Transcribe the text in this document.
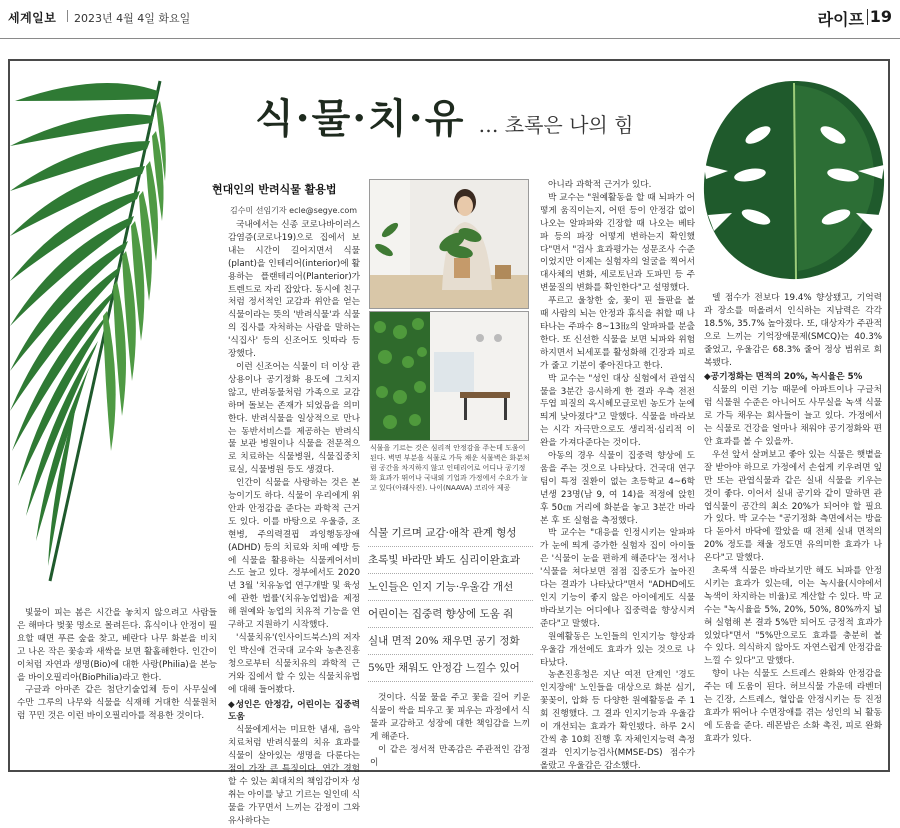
세계일보 2023년 4월 4일 화요일	라이프 19
식·물·치·유 … 초록은 나의 힘
현대인의 반려식물 활용법
김수미 선임기자 ecle@segye.com

국내에서는 신종 코로나바이러스 감염증(코로나19)으로 집에서 보내는 시간이 길어지면서 식물(plant)을 인테리어(interior)에 활용하는 플랜테리어(Planterior)가 트렌드로 자리 잡았다. 동시에 친구처럼 정서적인 교감과 위안을 얻는 식물이라는 뜻의 '반려식물'과 식물의 집사를 자처하는 사람을 말하는 '식집사' 등의 신조어도 잇따라 등장했다.

이런 신조어는 식물이 더 이상 관상용이나 공기정화 용도에 그치지 않고, 반려동물처럼 가족으로 교감하며 돌보는 존재가 되었음을 의미한다. 반려식물을 일상적으로 만나는 동반서비스를 제공하는 반려식물 보관 병원이나 식물을 전문적으로 치료하는 식물병원, 식물집중치료실, 식물병원 등도 생겼다.

인간이 식물을 사랑하는 것은 본능이기도 하다. 식물이 우리에게 위안과 안정감을 준다는 과학적 근거도 있다. 이를 바탕으로 우울증, 조현병, 주의력결핍 과잉행동장애(ADHD) 등의 치료와 치매 예방 등에 식물을 활용하는 식물케어서비스도 늘고 있다. 정부에서도 2020년 3월 '치유농업 연구개발 및 육성에 관한 법률'(치유농업법)을 제정해 원예와 농업의 치유적 기능을 연구하고 지원하기 시작했다.

'식물치유'(인사이드북스)의 저자인 박신애 건국대 교수와 농촌진흥청으로부터 식물치유의 과학적 근거와 집에서 할 수 있는 식물치유법에 대해 들어봤다.

◆성인은 안정감, 어린이는 집중력 도움

식물에게서는 미묘한 냄새, 음악치료처럼 반려식물의 치유 효과를 식물이 살아있는 생명을 다룬다는 점이 가장 큰 특징이다. 연간 경험할 수 있는 최대치의 책임감이자 성취는 아이를 낳고 기르는 일인데 식물을 가꾸면서 느끼는 감정이 그와 유사하다는

빛물이 피는 봄은 시간을 놓치지 않으려고 사람들은 해마다 벚꽃 명소로 몰려든다. 휴식이나 안정이 필요할 때면 푸른 숲을 찾고, 베란다 나무 화분을 비치고 나온 작은 꽃송과 새싹을 보면 활홀해한다. 인간이 이처럼 자연과 생명(Bio)에 대한 사랑(Philia)을 본능을 바이오필리아(BioPhilia)라고 한다.

구글과 아마존 같은 첨단기술업체 등이 사무실에 수만 그루의 나무와 식물을 식재해 거대한 식물원처럼 꾸민 것은 이런 바이오필리아를 적용한 것이다.

식물을 기르는 것은 심리적 안정감을 주는데 도움이 된다. 벽면 부분을 식물로 가득 채운 식물벽은 화분처럼 공간을 차지하지 않고 인테리어로 어디나 공기정화 효과가 뛰어나 국내외 기업과 가정에서 수요가 늘고 있다(아래사진). 나이(NAAVA) 코리아 제공
식물 기르며 교감·애착 관계 형성
초록빛 바라만 봐도 심리이완효과
노인들은 인지 기능·우울감 개선
어린이는 집중력 향상에 도움 줘
실내 면적 20% 채우면 공기 정화
5%만 채워도 안정감 느낄수 있어

아니라 과학적 근거가 있다.

박 교수는 "원예활동을 할 때 뇌파가 어떻게 움직이는지, 어떤 등이 안정감 없이 나오는 알파파와 긴장할 때 나오는 베타파 등의 파장 어떻게 변하는지 확인했다"면서 "검사 효과평가는 성문조사 수준이었지만 이제는 실험자의 얼굴을 찍어서 대사체의 변화, 세로토닌과 도파민 등 주변물질의 변화를 확인한다"고 설명했다.

푸르고 울창한 숲, 꽃이 핀 들판을 볼 때 사람의 뇌는 안정과 휴식을 취할 때 나타나는 주파수 8~13㎐의 알파파를 분출한다. 또 신선한 식물을 보면 뇌파와 위험하지면서 뇌세포를 활성화해 긴장과 피로가 줄고 기분이 좋아진다고 한다.

박 교수는 "성인 대상 실험에서 관엽식물을 3분간 응시하게 한 결과 우측 전전두엽 피질의 옥시헤모글로빈 농도가 눈에 띄게 낮아졌다"고 말했다. 식물을 바라보는 시각 자극만으로도 생리적·심리적 이완을 가져다준다는 것이다.

아동의 경우 식물이 집중력 향상에 도움을 주는 것으로 나타났다. 건국대 연구팀이 특정 질환이 없는 초등학교 4~6학년생 23명(남 9, 여 14)을 적정에 앉힌 후 50㎝ 거리에 화분을 놓고 3분간 바라본 후 또 실험을 측정했다.

박 교수는 "대응을 인정시키는 알파파가 눈에 띄게 증가한 실험자 집이 아이들은 '식물이 눈을 편하게 해준다'는 정서나 '식물을 쳐다보면 점점 집중도가 높아진다는 결과가 나타났다"면서 "ADHD에도 인지 기능이 좋지 않은 아이에게도 식물 바라보기는 어디에나 집중력을 향상시켜준다"고 말했다.

원예활동은 노인들의 인지기능 향상과 우울감 개선에도 효과가 있는 것으로 나타났다.

농촌진흥청은 지난 여전 단계인 '경도인지장애' 노인들을 대상으로 화분 심기, 꽃꽂이, 압화 등 다양한 원예활동을 주 1회 진행했다. 그 결과 인지기능과 우울감이 개선되는 효과가 확인됐다. 하루 2시간씩 총 10회 진행 후 자체인지능력 측정 결과 인지기능검사(MMSE-DS) 점수가 올랐고 우울감은 감소했다.

것이다. 식물 물을 주고 꽃을 길어 키운 식물이 싹을 틔우고 꽃 피우는 과정에서 식물과 교감하고 성장에 대한 책임감을 느끼게 해준다.

이 같은 정서적 만족감은 주관적인 감정이

델 점수가 전보다 19.4% 향상됐고, 기억력과 장소를 떠올려서 인식하는 지남력은 각각 18.5%, 35.7% 높아졌다. 또, 대상자가 주관적으로 느끼는 기억장애문제(SMCQ)는 40.3% 줄었고, 우울감은 68.3% 줄어 정상 범위로 회복됐다.

◆공기정화는 면적의 20%, 녹시율은 5%

식물의 이런 기능 때문에 아파트이나 구글처럼 식물원 수준은 아니어도 사무실을 녹색 식물로 가득 채우는 회사들이 늘고 있다. 가정에서는 식물로 건강을 얼마나 채워야 공기정화와 편안 효과를 볼 수 있을까.

우선 앞서 살펴보고 좋아 있는 식물은 햇볕을 잘 받아야 하므로 가정에서 손쉽게 키우려면 잎만 또는 관엽식물과 같은 실내 식물을 키우는 것이 좋다. 이어서 실내 공기와 같이 말하면 관엽식물이 공간의 최소 20%가 되어야 할 필요가 있다. 박 교수는 "공기정화 측면에서는 방을 다 돋아서 바닥에 깔았을 때 전체 실내 면적의 20% 정도를 채울 정도면 유의미한 효과가 나온다"고 말했다.

초록색 식물은 바라보기만 해도 뇌파를 안정시키는 효과가 있는데, 이는 녹시율(시야에서 녹색이 차지하는 비율)로 계산할 수 있다. 박 교수는 "녹시율을 5%, 20%, 50%, 80%까지 넓혀 실험해 본 결과 5%만 되어도 긍정적 효과가 있었다"면서 "5%만으로도 효과를 충분히 볼 수 있다. 의식하지 않아도 자연스럽게 안정감을 느낄 수 있다"고 말했다.

향이 나는 식물도 스트레스 완화와 안정감을 주는 데 도움이 된다. 허브식물 가운데 라벤더는 긴장, 스트레스, 혈압을 안정시키는 등 진정효과가 뛰어나 수면장애를 겪는 성인의 뇌 활동에 도움을 준다. 레몬밤은 소화 촉진, 피로 완화 효과가 있다.
